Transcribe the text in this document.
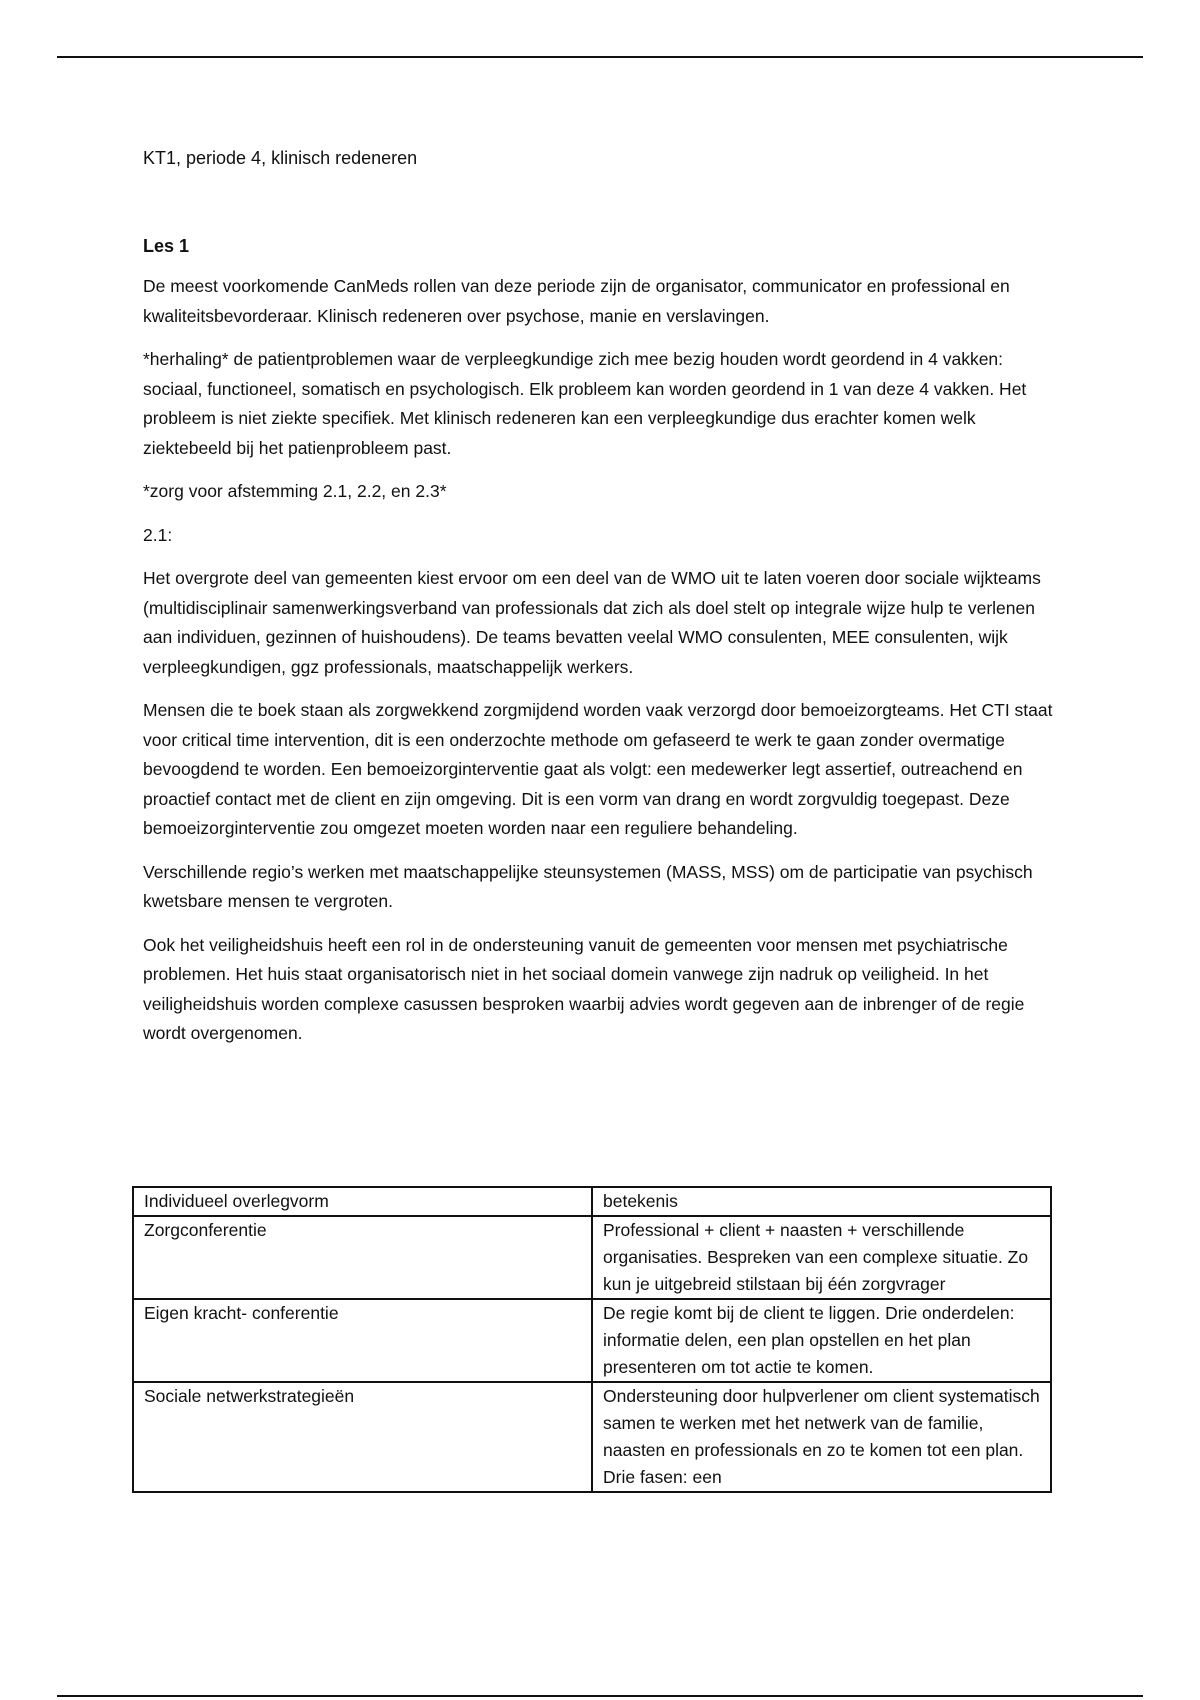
KT1, periode 4, klinisch redeneren

Les 1

De meest voorkomende CanMeds rollen van deze periode zijn de organisator, communicator en professional en kwaliteitsbevorderaar. Klinisch redeneren over psychose, manie en verslavingen.

*herhaling* de patientproblemen waar de verpleegkundige zich mee bezig houden wordt geordend in 4 vakken: sociaal, functioneel, somatisch en psychologisch. Elk probleem kan worden geordend in 1 van deze 4 vakken. Het probleem is niet ziekte specifiek. Met klinisch redeneren kan een verpleegkundige dus erachter komen welk ziektebeeld bij het patienprobleem past.

*zorg voor afstemming 2.1, 2.2, en 2.3*

2.1:

Het overgrote deel van gemeenten kiest ervoor om een deel van de WMO uit te laten voeren door sociale wijkteams (multidisciplinair samenwerkingsverband van professionals dat zich als doel stelt op integrale wijze hulp te verlenen aan individuen, gezinnen of huishoudens). De teams bevatten veelal WMO consulenten, MEE consulenten, wijk verpleegkundigen, ggz professionals, maatschappelijk werkers.

Mensen die te boek staan als zorgwekkend zorgmijdend worden vaak verzorgd door bemoeizorgteams. Het CTI staat voor critical time intervention, dit is een onderzochte methode om gefaseerd te werk te gaan zonder overmatige bevoogdend te worden. Een bemoeizorginterventie gaat als volgt: een medewerker legt assertief, outreachend en proactief contact met de client en zijn omgeving. Dit is een vorm van drang en wordt zorgvuldig toegepast. Deze bemoeizorginterventie zou omgezet moeten worden naar een reguliere behandeling.

Verschillende regio’s werken met maatschappelijke steunsystemen (MASS, MSS) om de participatie van psychisch kwetsbare mensen te vergroten.

Ook het veiligheidshuis heeft een rol in de ondersteuning vanuit de gemeenten voor mensen met psychiatrische problemen. Het huis staat organisatorisch niet in het sociaal domein vanwege zijn nadruk op veiligheid. In het veiligheidshuis worden complexe casussen besproken waarbij advies wordt gegeven aan de inbrenger of de regie wordt overgenomen.

Individueel overlegvorm	betekenis
Zorgconferentie	Professional + client + naasten + verschillende organisaties. Bespreken van een complexe situatie. Zo kun je uitgebreid stilstaan bij één zorgvrager
Eigen kracht- conferentie	De regie komt bij de client te liggen. Drie onderdelen: informatie delen, een plan opstellen en het plan presenteren om tot actie te komen.
Sociale netwerkstrategieën	Ondersteuning door hulpverlener om client systematisch samen te werken met het netwerk van de familie, naasten en professionals en zo te komen tot een plan. Drie fasen: een
